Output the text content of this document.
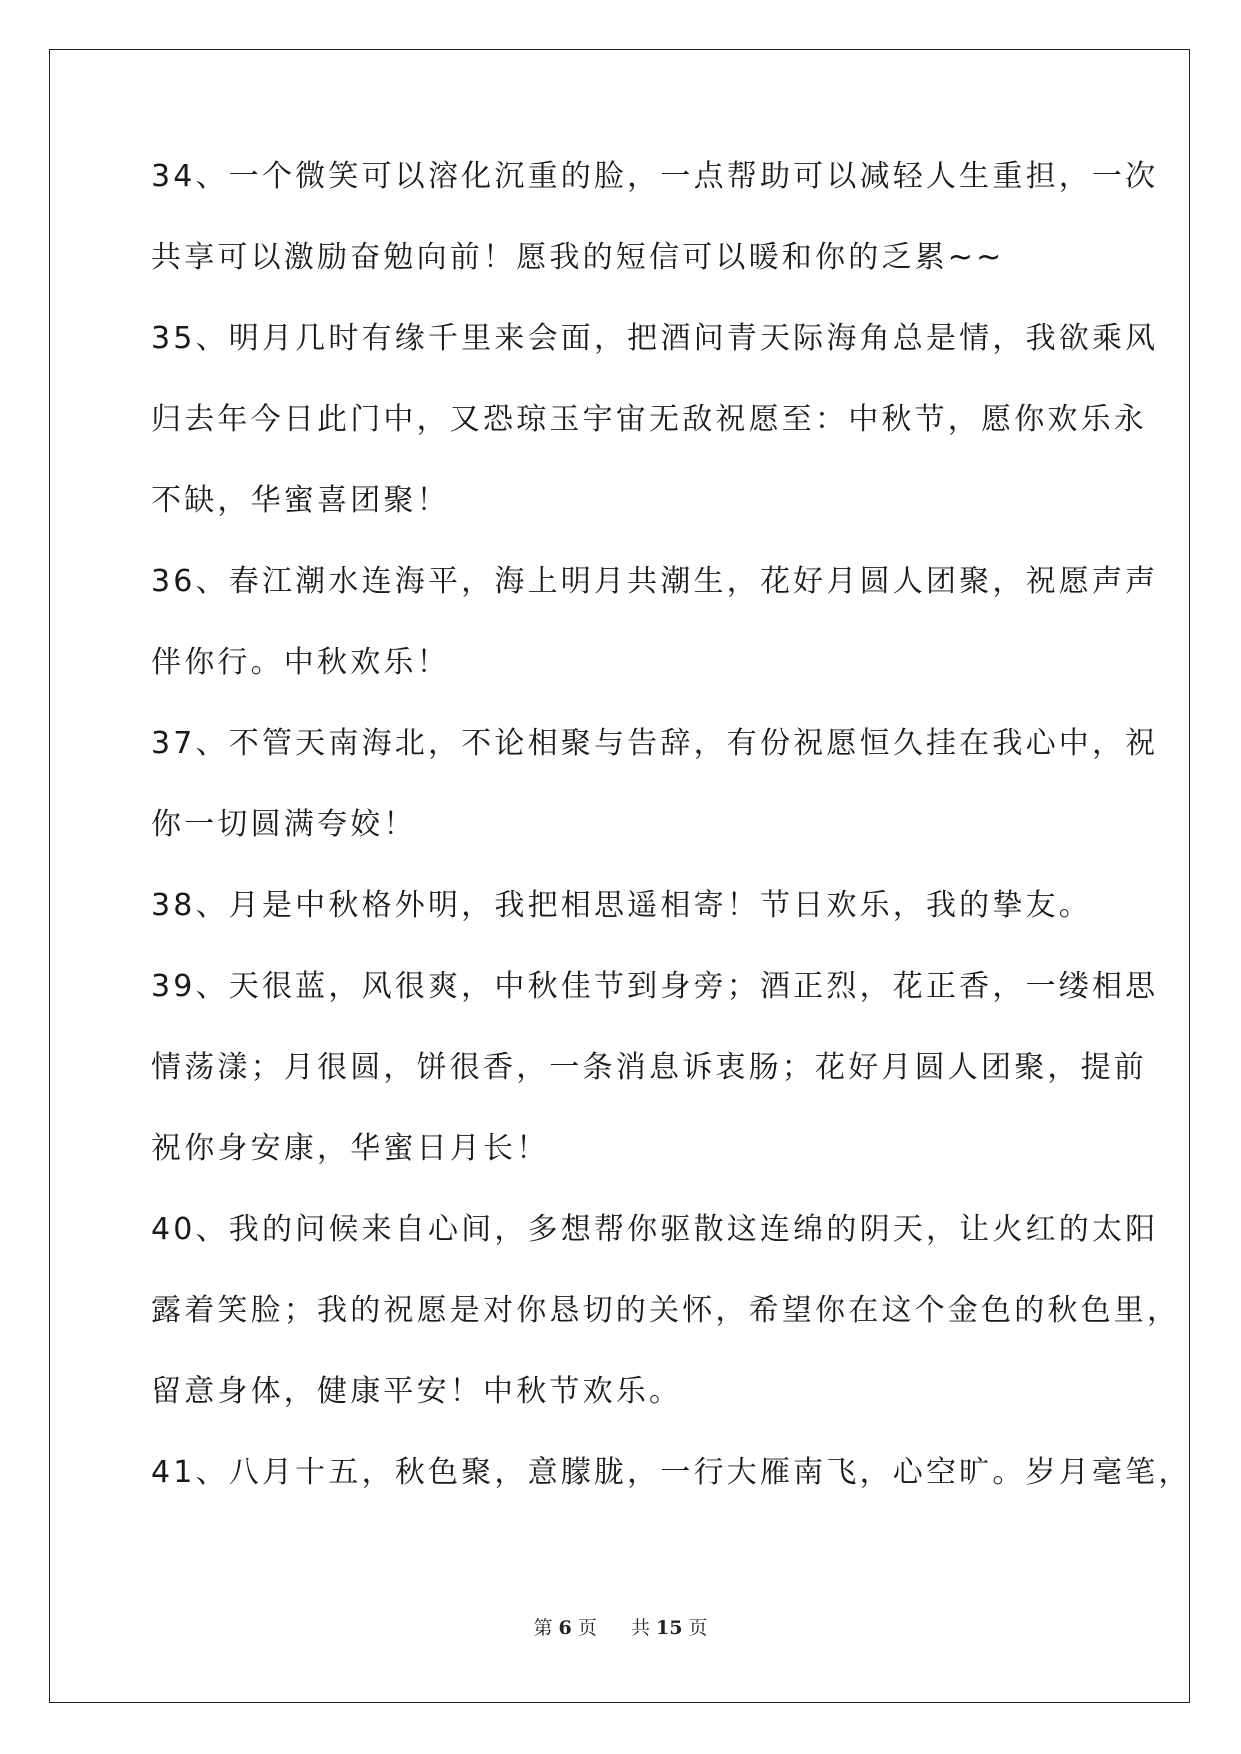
34、一个微笑可以溶化沉重的脸，一点帮助可以减轻人生重担，一次
共享可以激励奋勉向前！愿我的短信可以暖和你的乏累~~
35、明月几时有缘千里来会面，把酒问青天际海角总是情，我欲乘风
归去年今日此门中，又恐琼玉宇宙无敌祝愿至：中秋节，愿你欢乐永
不缺，华蜜喜团聚！
36、春江潮水连海平，海上明月共潮生，花好月圆人团聚，祝愿声声
伴你行。中秋欢乐！
37、不管天南海北，不论相聚与告辞，有份祝愿恒久挂在我心中，祝
你一切圆满夸姣！
38、月是中秋格外明，我把相思遥相寄！节日欢乐，我的挚友。
39、天很蓝，风很爽，中秋佳节到身旁；酒正烈，花正香，一缕相思
情荡漾；月很圆，饼很香，一条消息诉衷肠；花好月圆人团聚，提前
祝你身安康，华蜜日月长！
40、我的问候来自心间，多想帮你驱散这连绵的阴天，让火红的太阳
露着笑脸；我的祝愿是对你恳切的关怀，希望你在这个金色的秋色里，
留意身体，健康平安！中秋节欢乐。
41、八月十五，秋色聚，意朦胧，一行大雁南飞，心空旷。岁月毫笔，
第 6 页 共 15 页
